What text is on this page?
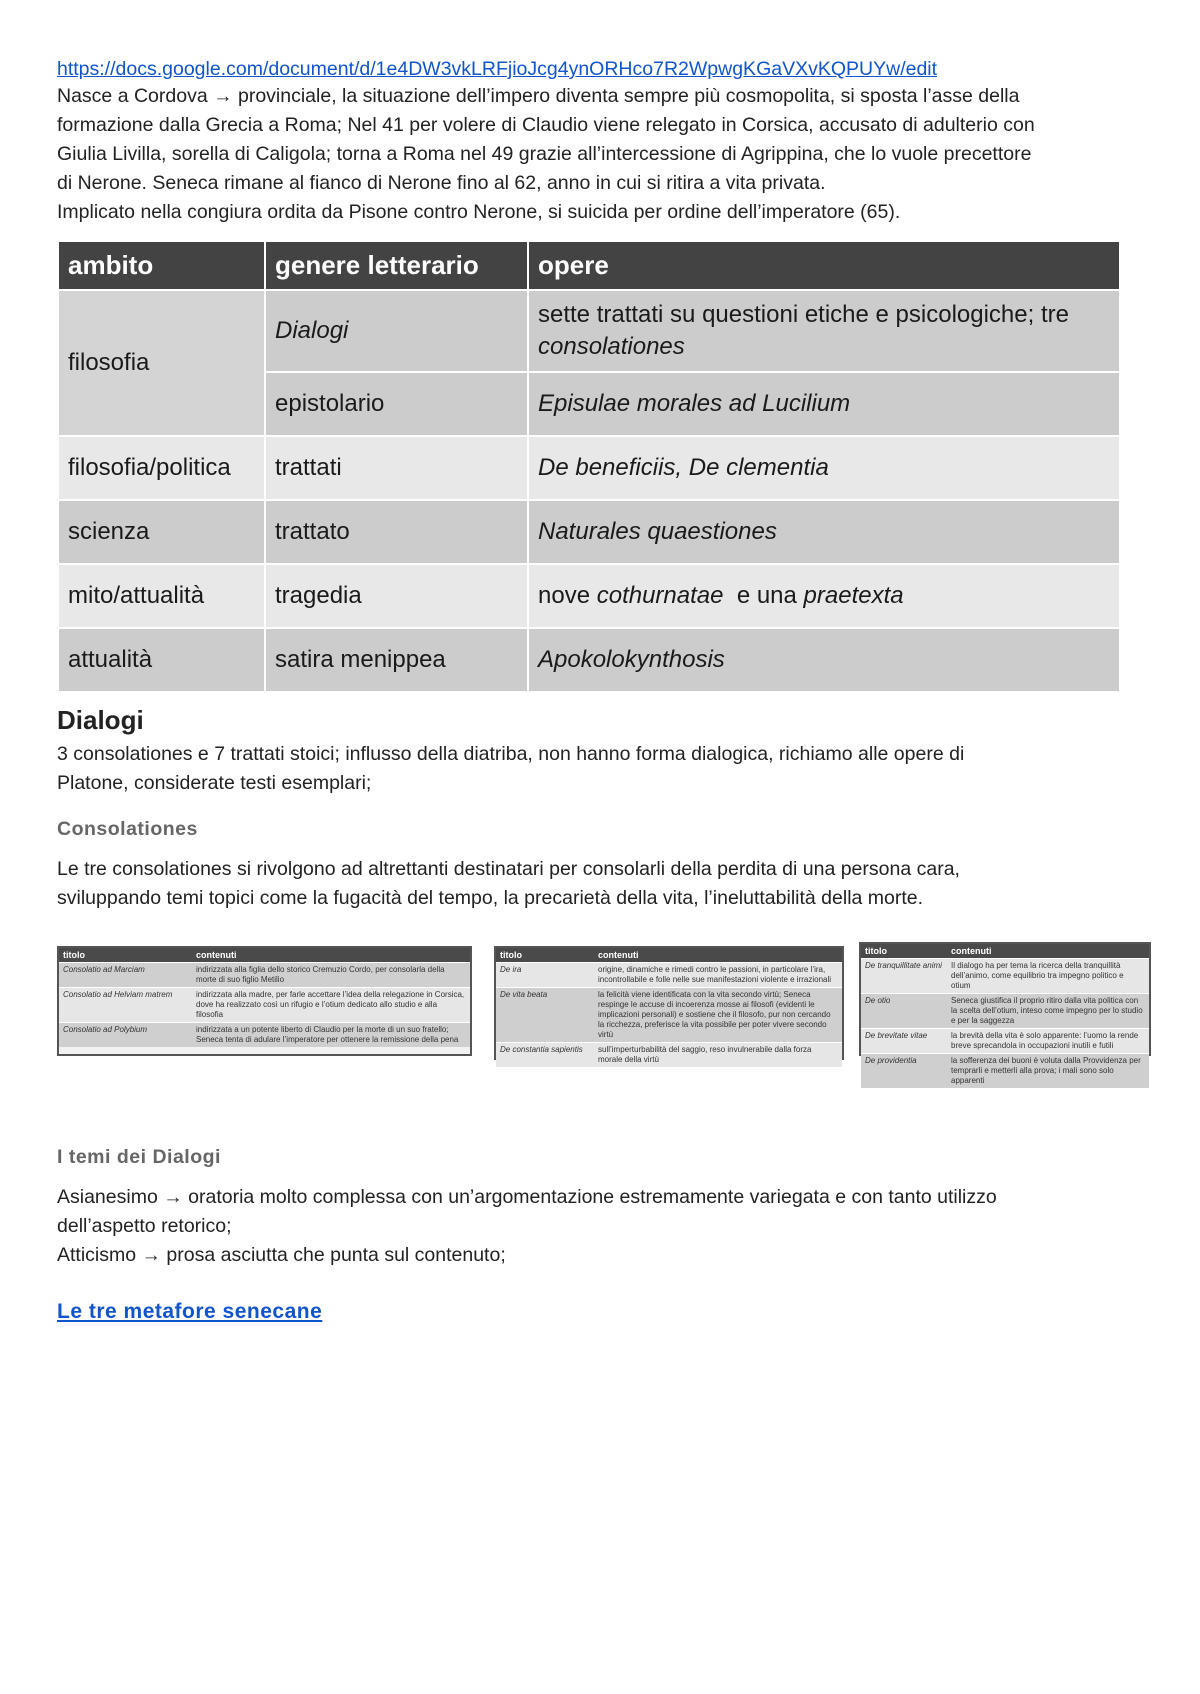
https://docs.google.com/document/d/1e4DW3vkLRFjioJcg4ynORHco7R2WpwgKGaVXvKQPUYw/edit
Nasce a Cordova → provinciale, la situazione dell’impero diventa sempre più cosmopolita, si sposta l’asse della
formazione dalla Grecia a Roma; Nel 41 per volere di Claudio viene relegato in Corsica, accusato di adulterio con
Giulia Livilla, sorella di Caligola; torna a Roma nel 49 grazie all’intercessione di Agrippina, che lo vuole precettore
di Nerone. Seneca rimane al fianco di Nerone fino al 62, anno in cui si ritira a vita privata.
Implicato nella congiura ordita da Pisone contro Nerone, si suicida per ordine dell’imperatore (65).
ambito	genere letterario	opere
filosofia	Dialogi	sette trattati su questioni etiche e psicologiche; tre
consolationes

	epistolario	Episulae morales ad Lucilium
filosofia/politica	trattati	De beneficiis, De clementia
scienza	trattato	Naturales quaestiones
mito/attualità	tragedia	nove cothurnatae  e una praetexta
attualità	satira menippea	Apokolokynthosis
Dialogi
3 consolationes e 7 trattati stoici; influsso della diatriba, non hanno forma dialogica, richiamo alle opere di
Platone, considerate testi esemplari;
Consolationes
Le tre consolationes si rivolgono ad altrettanti destinatari per consolarli della perdita di una persona cara,
sviluppando temi topici come la fugacità del tempo, la precarietà della vita, l’ineluttabilità della morte.
titolo	contenuti
Consolatio ad Marciam	indirizzata alla figlia dello storico Cremuzio Cordo, per consolarla della morte di suo figlio Metilio
Consolatio ad Helviam matrem	indirizzata alla madre, per farle accettare l’idea della relegazione in Corsica, dove ha realizzato così un rifugio e l’otium dedicato allo studio e alla filosofia
Consolatio ad Polybium	indirizzata a un potente liberto di Claudio per la morte di un suo fratello; Seneca tenta di adulare l’imperatore per ottenere la remissione della pena
titolo	contenuti
De ira	origine, dinamiche e rimedi contro le passioni, in particolare l’ira, incontrollabile e folle nelle sue manifestazioni violente e irrazionali
De vita beata	la felicità viene identificata con la vita secondo virtù; Seneca respinge le accuse di incoerenza mosse ai filosofi (evidenti le implicazioni personali) e sostiene che il filosofo, pur non cercando la ricchezza, preferisce la vita possibile per poter vivere secondo virtù
De constantia sapientis	sull’imperturbabilità del saggio, reso invulnerabile dalla forza morale della virtù
titolo	contenuti
De tranquillitate animi	Il dialogo ha per tema la ricerca della tranquillità dell’animo, come equilibrio tra impegno politico e otium
De otio	Seneca giustifica il proprio ritiro dalla vita politica con la scelta dell’otium, inteso come impegno per lo studio e per la saggezza
De brevitate vitae	la brevità della vita è solo apparente: l’uomo la rende breve sprecandola in occupazioni inutili e futili
De providentia	la sofferenza dei buoni è voluta dalla Provvidenza per temprarli e metterli alla prova; i mali sono solo apparenti
I temi dei Dialogi
Asianesimo → oratoria molto complessa con un’argomentazione estremamente variegata e con tanto utilizzo
dell’aspetto retorico;
Atticismo → prosa asciutta che punta sul contenuto;
Le tre metafore senecane
